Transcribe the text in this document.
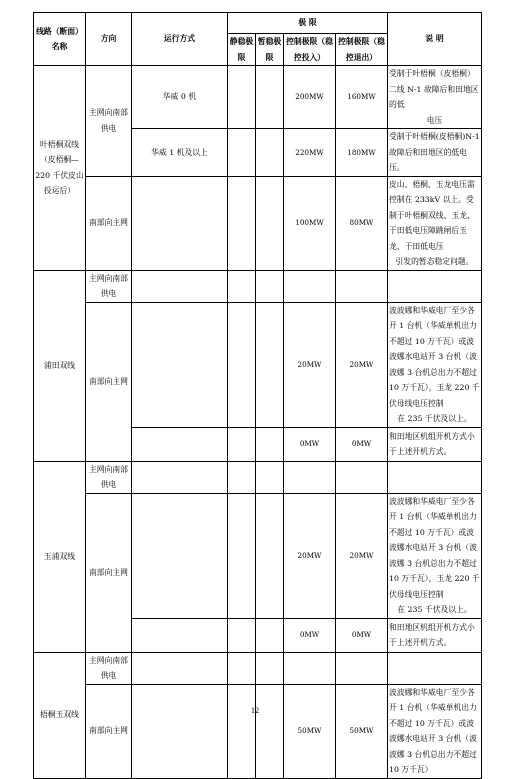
线路（断面）名称	方向	运行方式	极 限				说 明
			静稳极限	暂稳极限	控制极限（稳控投入）	控制极限（稳控退出）	
叶梧桐双线（皮梧桐—220 千伏皮山投运后）	主网向南部供电	华威 0 机			200MW	160MW	受制于叶梧桐（皮梧桐）二线 N-1 故障后和田地区的低
电压

		华威 1 机及以上			220MW	180MW	受制于叶梧桐(皮梧桐)N-1 故障后和田地区的低电压。
	南部向主网				100MW	80MW	皮山、梧桐、玉龙电压需控制在 233kV 以上。受制于叶梧桐双线、玉龙、于田低电压障跳闸后玉龙、于田低电压
引发的暂态稳定问题。

浦田双线	主网向南部供电						
	南部向主网				20MW	20MW	波波娜和华威电厂至少各开 1 台机（华威单机出力不超过 10 万千瓦）或波波娜水电站开 3 台机（波波娜 3 台机总出力不超过 10 万千瓦），玉龙 220 千伏母线电压控制
在 235 千伏及以上。

					0MW	0MW	和田地区机组开机方式小于上述开机方式。
玉浦双线	主网向南部供电						
	南部向主网				20MW	20MW	波波娜和华威电厂至少各开 1 台机（华威单机出力不超过 10 万千瓦）或波波娜水电站开 3 台机（波波娜 3 台机总出力不超过 10 万千瓦），玉龙 220 千伏母线电压控制
在 235 千伏及以上。

					0MW	0MW	和田地区机组开机方式小于上述开机方式。
梧桐玉双线	主网向南部供电						
	南部向主网				50MW	50MW	波波娜和华威电厂至少各开 1 台机（华威单机出力不超过 10 万千瓦）或波波娜水电站开 3 台机（波波娜 3 台机总出力不超过 10 万千瓦）
12
